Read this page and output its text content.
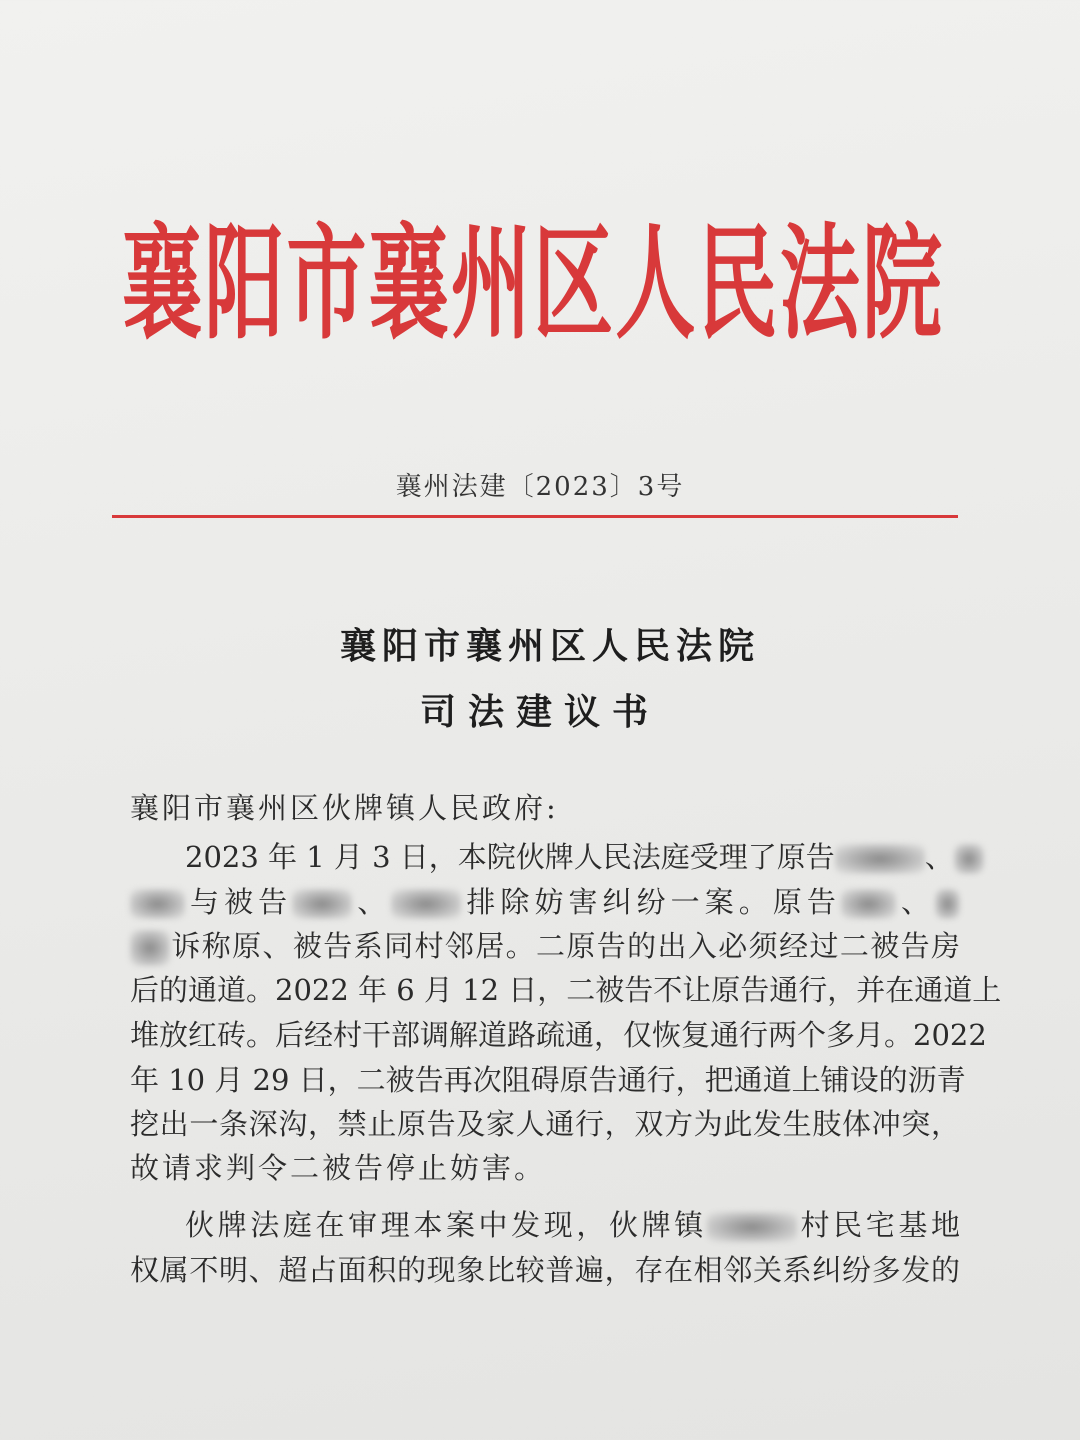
襄 阳 市 襄 州 区 人 民 法 院
襄州法建〔2023〕3号
襄阳市襄州区人民法院
司法建议书
襄阳市襄州区伙牌镇人民政府:
2023 年 1 月 3 日，本院伙牌人民法庭受理了原告	、
与被告 、 排除妨害纠纷一案。原告 、
诉称原、被告系同村邻居。二原告的出入必须经过二被告房
后的通道。2022 年 6 月 12 日，二被告不让原告通行，并在通道上
堆放红砖。后经村干部调解道路疏通，仅恢复通行两个多月。2022
年 10 月 29 日，二被告再次阻碍原告通行，把通道上铺设的沥青
挖出一条深沟，禁止原告及家人通行，双方为此发生肢体冲突，
故请求判令二被告停止妨害。
伙牌法庭在审理本案中发现，伙牌镇	村民宅基地
权属不明、超占面积的现象比较普遍，存在相邻关系纠纷多发的
